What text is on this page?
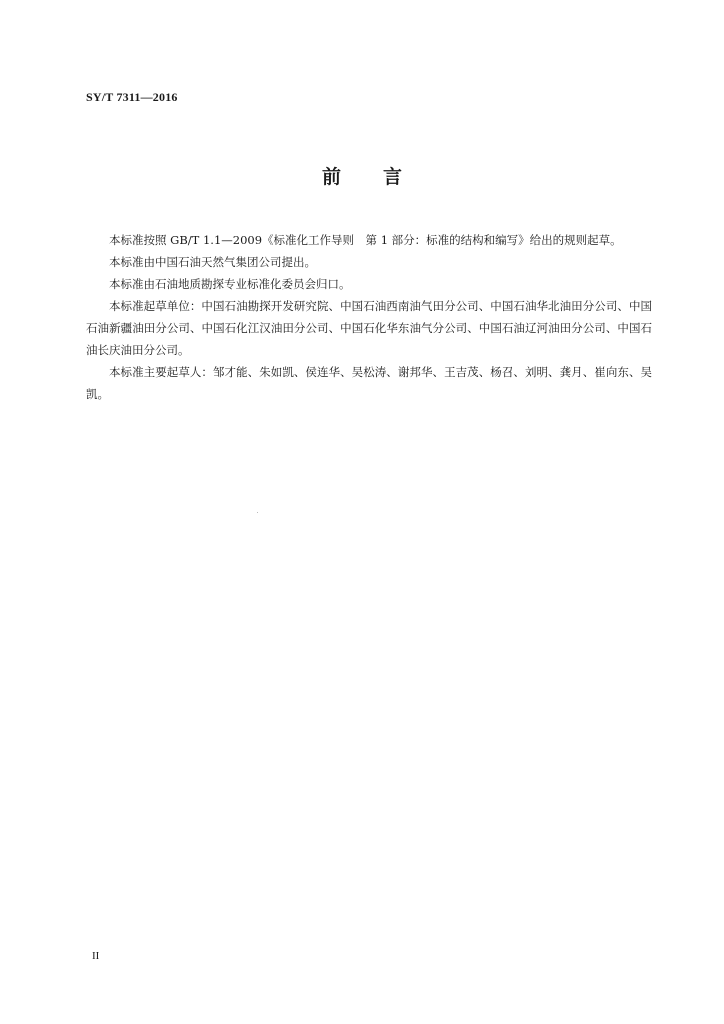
SY/T 7311—2016
前 言

本标准按照 GB/T 1.1—2009《标准化工作导则　第 1 部分：标准的结构和编写》给出的规则起草。

本标准由中国石油天然气集团公司提出。

本标准由石油地质勘探专业标准化委员会归口。

本标准起草单位：中国石油勘探开发研究院、中国石油西南油气田分公司、中国石油华北油田分公司、中国石油新疆油田分公司、中国石化江汉油田分公司、中国石化华东油气分公司、中国石油辽河油田分公司、中国石油长庆油田分公司。

本标准主要起草人：邹才能、朱如凯、侯连华、吴松涛、谢邦华、王吉茂、杨召、刘明、龚月、崔向东、吴凯。

II
